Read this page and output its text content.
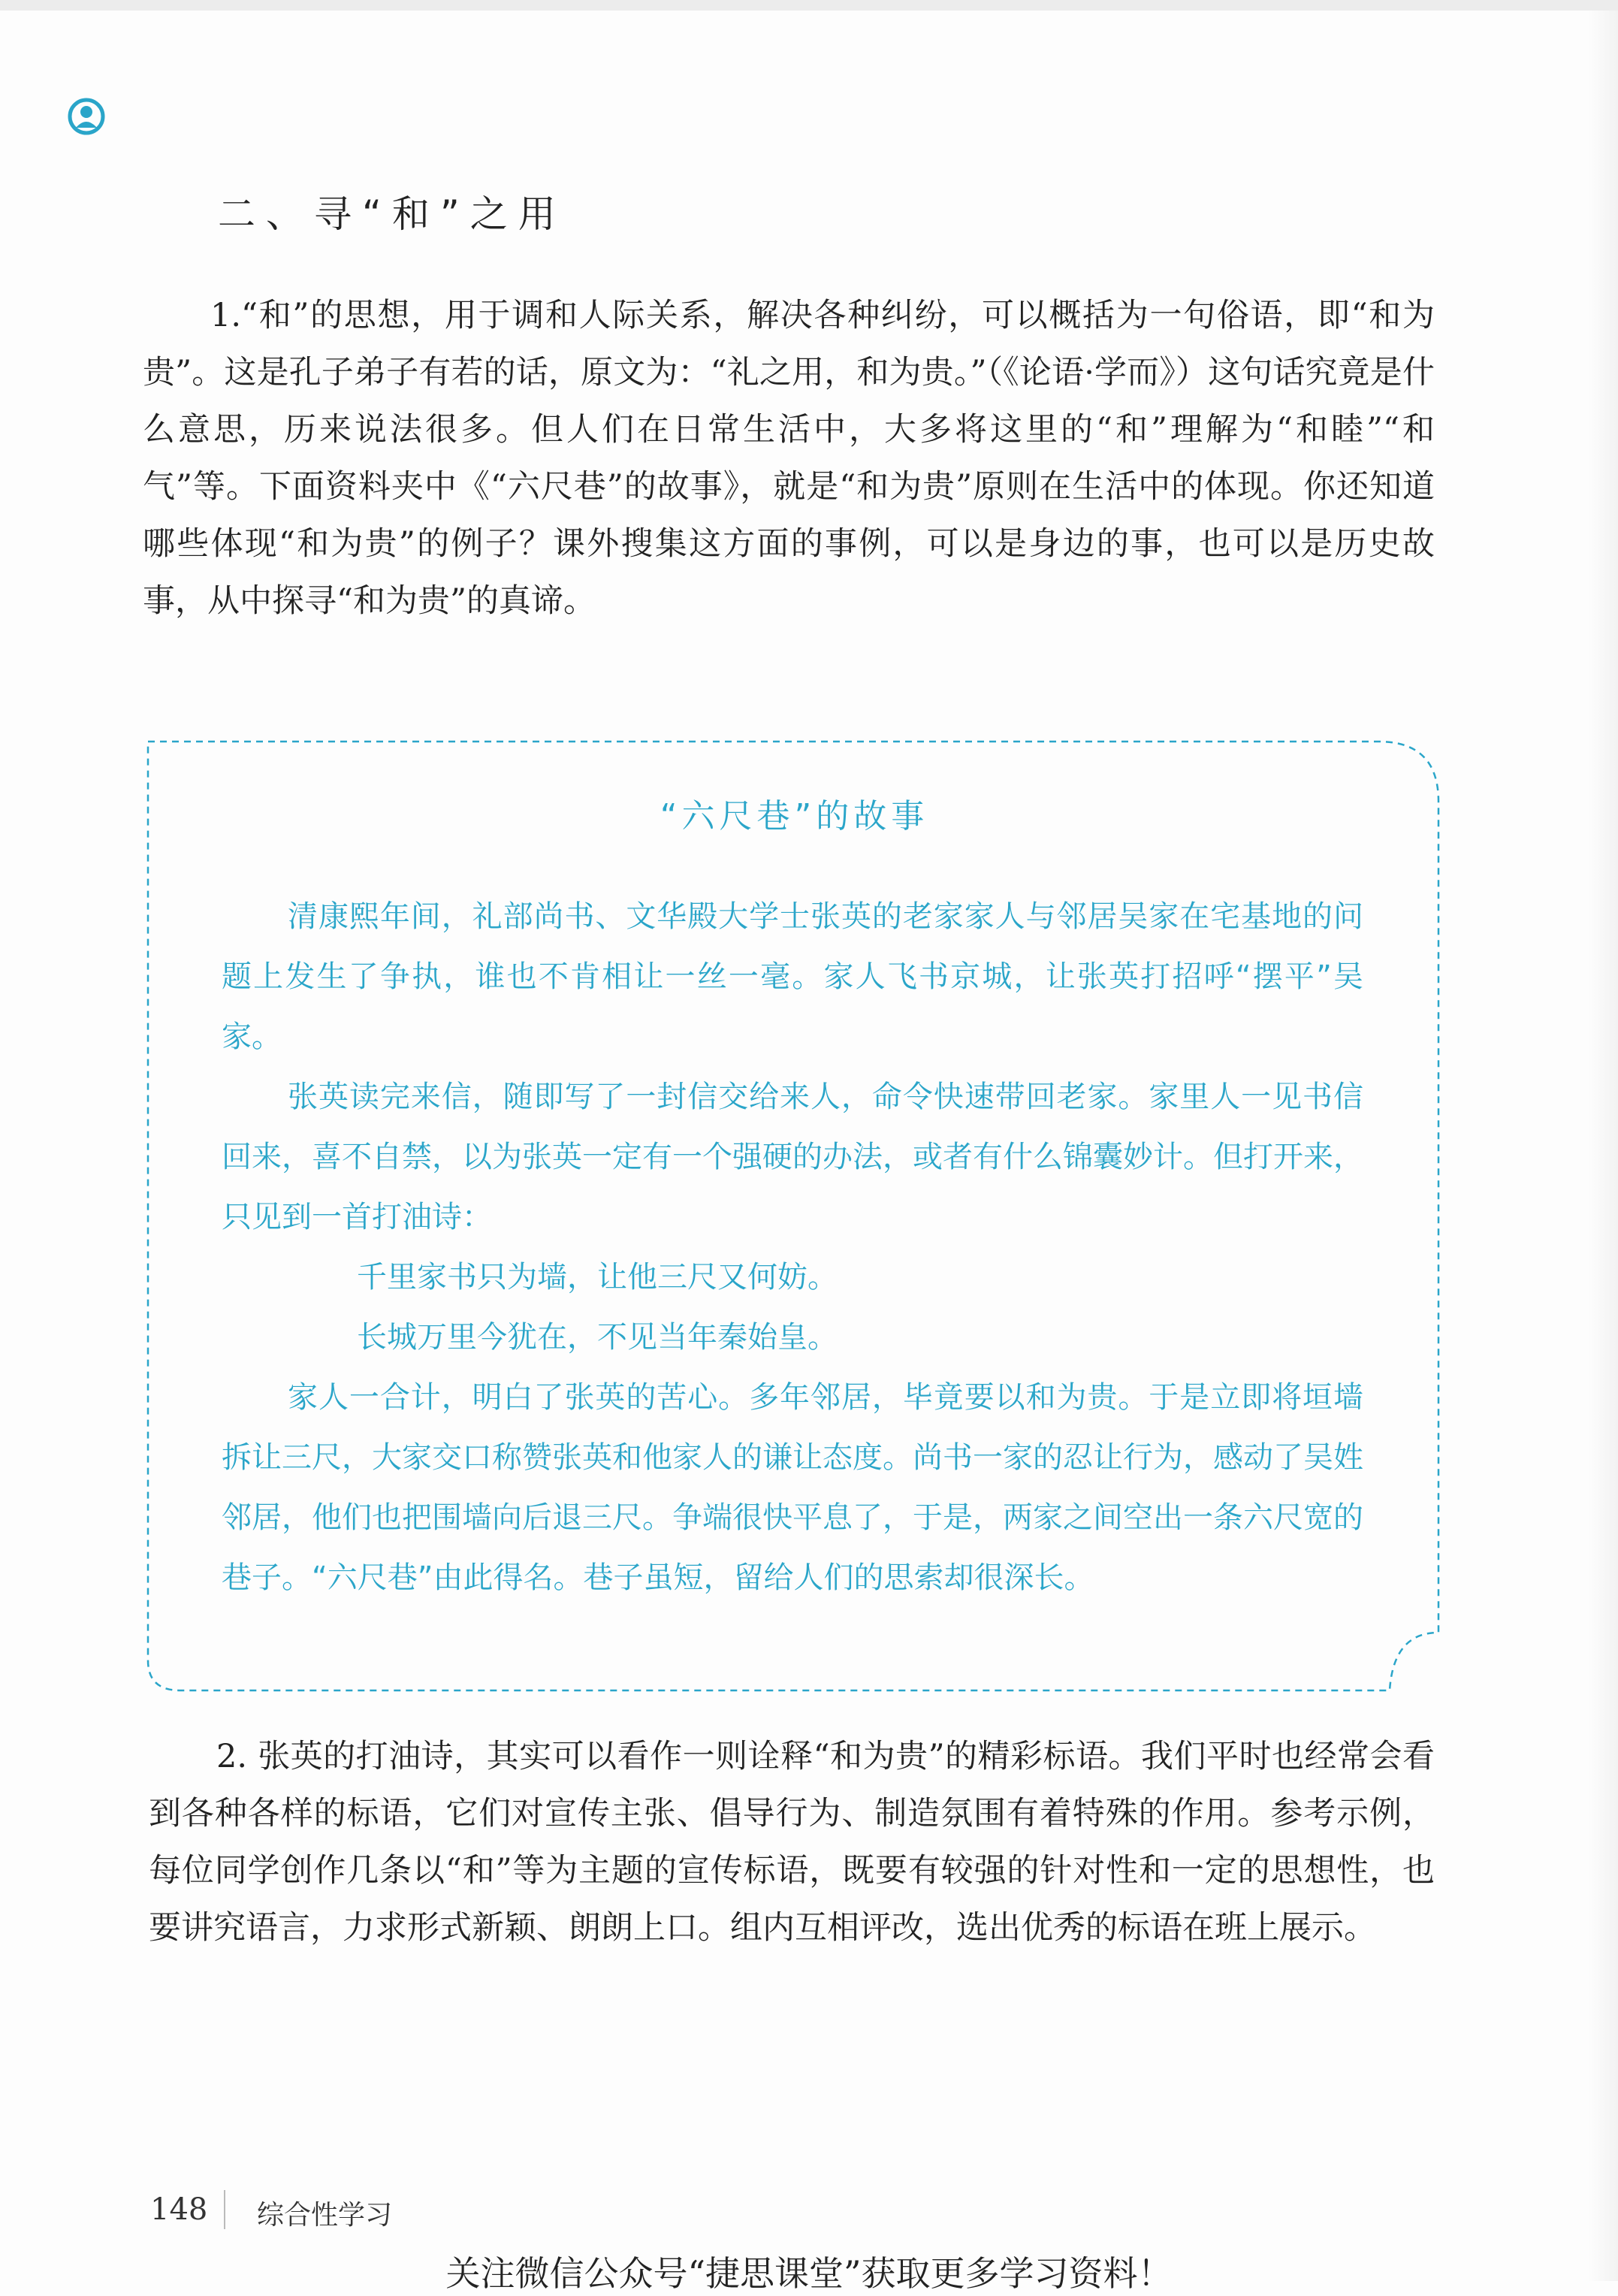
二、寻“和”之用
1.“和”的思想，用于调和人际关系，解决各种纠纷，可以概括为一句俗语，即“和为贵”。这是孔子弟子有若的话，原文为：“礼之用，和为贵。”（《论语·学而》）这句话究竟是什么意思，历来说法很多。但人们在日常生活中，大多将这里的“和”理解为“和睦”“和气”等。下面资料夹中《“六尺巷”的故事》，就是“和为贵”原则在生活中的体现。你还知道哪些体现“和为贵”的例子？课外搜集这方面的事例，可以是身边的事，也可以是历史故事，从中探寻“和为贵”的真谛。
“六尺巷”的故事

清康熙年间，礼部尚书、文华殿大学士张英的老家家人与邻居吴家在宅基地的问题上发生了争执，谁也不肯相让一丝一毫。家人飞书京城，让张英打招呼“摆平”吴家。

张英读完来信，随即写了一封信交给来人，命令快速带回老家。家里人一见书信回来，喜不自禁，以为张英一定有一个强硬的办法，或者有什么锦囊妙计。但打开来，只见到一首打油诗：

千里家书只为墙，让他三尺又何妨。

长城万里今犹在，不见当年秦始皇。

家人一合计，明白了张英的苦心。多年邻居，毕竟要以和为贵。于是立即将垣墙拆让三尺，大家交口称赞张英和他家人的谦让态度。尚书一家的忍让行为，感动了吴姓邻居，他们也把围墙向后退三尺。争端很快平息了，于是，两家之间空出一条六尺宽的巷子。“六尺巷”由此得名。巷子虽短，留给人们的思索却很深长。

2. 张英的打油诗，其实可以看作一则诠释“和为贵”的精彩标语。我们平时也经常会看到各种各样的标语，它们对宣传主张、倡导行为、制造氛围有着特殊的作用。参考示例，每位同学创作几条以“和”等为主题的宣传标语，既要有较强的针对性和一定的思想性，也要讲究语言，力求形式新颖、朗朗上口。组内互相评改，选出优秀的标语在班上展示。
148 综合性学习
关注微信公众号“捷思课堂”获取更多学习资料！
